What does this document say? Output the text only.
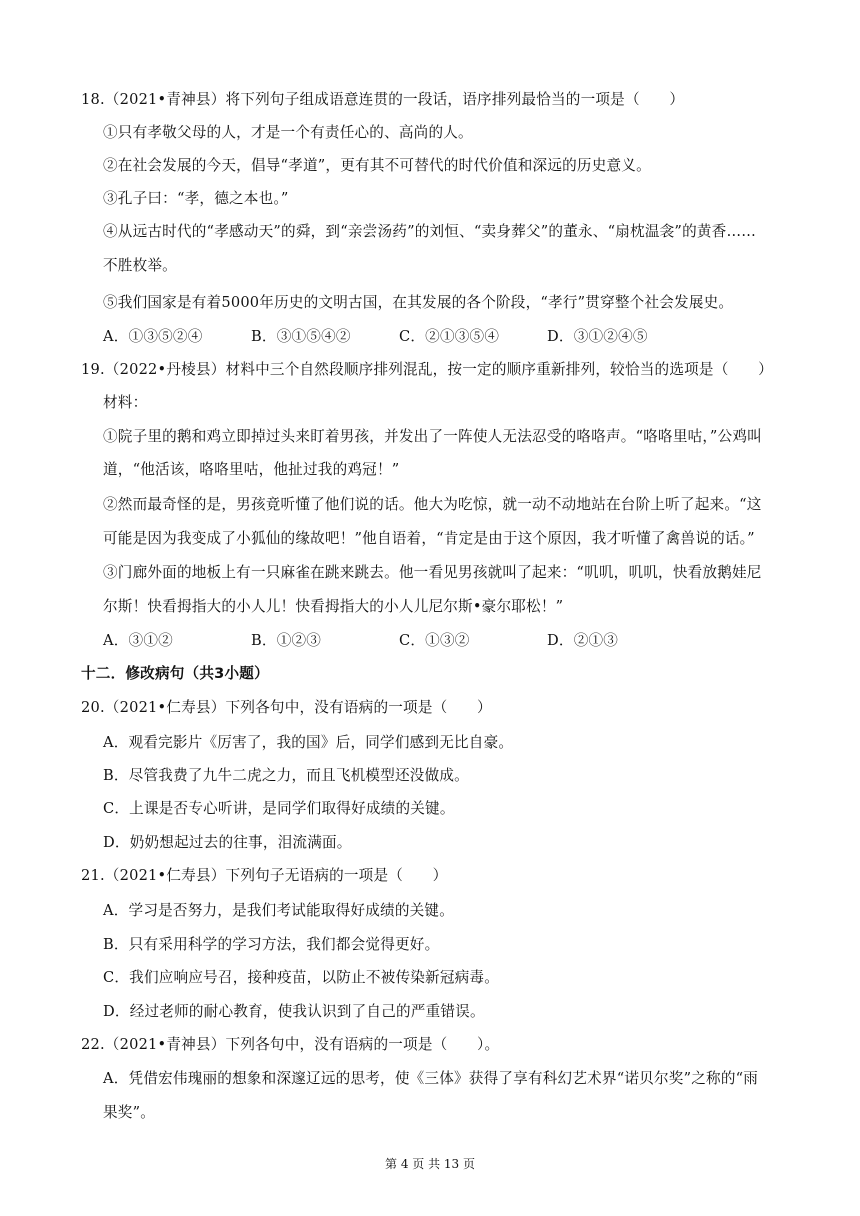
18.（2021•青神县）将下列句子组成语意连贯的一段话，语序排列最恰当的一项是（　　）
①只有孝敬父母的人，才是一个有责任心的、高尚的人。
②在社会发展的今天，倡导“孝道”，更有其不可替代的时代价值和深远的历史意义。
③孔子曰：“孝，德之本也。”
④从远古时代的“孝感动天”的舜，到“亲尝汤药”的刘恒、“卖身葬父”的董永、“扇枕温衾”的黄香……
不胜枚举。
⑤我们国家是有着5000年历史的文明古国，在其发展的各个阶段，“孝行”贯穿整个社会发展史。
A．①③⑤②④	B．③①⑤④②	C．②①③⑤④	D．③①②④⑤
19.（2022•丹棱县）材料中三个自然段顺序排列混乱，按一定的顺序重新排列，较恰当的选项是（　　）
材料：
①院子里的鹅和鸡立即掉过头来盯着男孩，并发出了一阵使人无法忍受的咯咯声。“咯咯里咕，”公鸡叫
道，“他活该，咯咯里咕，他扯过我的鸡冠！”
②然而最奇怪的是，男孩竟听懂了他们说的话。他大为吃惊，就一动不动地站在台阶上听了起来。“这
可能是因为我变成了小狐仙的缘故吧！”他自语着，“肯定是由于这个原因，我才听懂了禽兽说的话。”
③门廊外面的地板上有一只麻雀在跳来跳去。他一看见男孩就叫了起来：“叽叽，叽叽，快看放鹅娃尼
尔斯！快看拇指大的小人儿！快看拇指大的小人儿尼尔斯•豪尔耶松！”
A．③①②	B．①②③	C．①③②	D．②①③
十二．修改病句（共3小题）
20.（2021•仁寿县）下列各句中，没有语病的一项是（　　）
A．观看完影片《厉害了，我的国》后，同学们感到无比自豪。
B．尽管我费了九牛二虎之力，而且飞机模型还没做成。
C．上课是否专心听讲，是同学们取得好成绩的关键。
D．奶奶想起过去的往事，泪流满面。
21.（2021•仁寿县）下列句子无语病的一项是（　　）
A．学习是否努力，是我们考试能取得好成绩的关键。
B．只有采用科学的学习方法，我们都会觉得更好。
C．我们应响应号召，接种疫苗，以防止不被传染新冠病毒。
D．经过老师的耐心教育，使我认识到了自己的严重错误。
22.（2021•青神县）下列各句中，没有语病的一项是（　　）。
A．凭借宏伟瑰丽的想象和深邃辽远的思考，使《三体》获得了享有科幻艺术界“诺贝尔奖”之称的“雨
果奖”。
第 4 页 共 13 页
